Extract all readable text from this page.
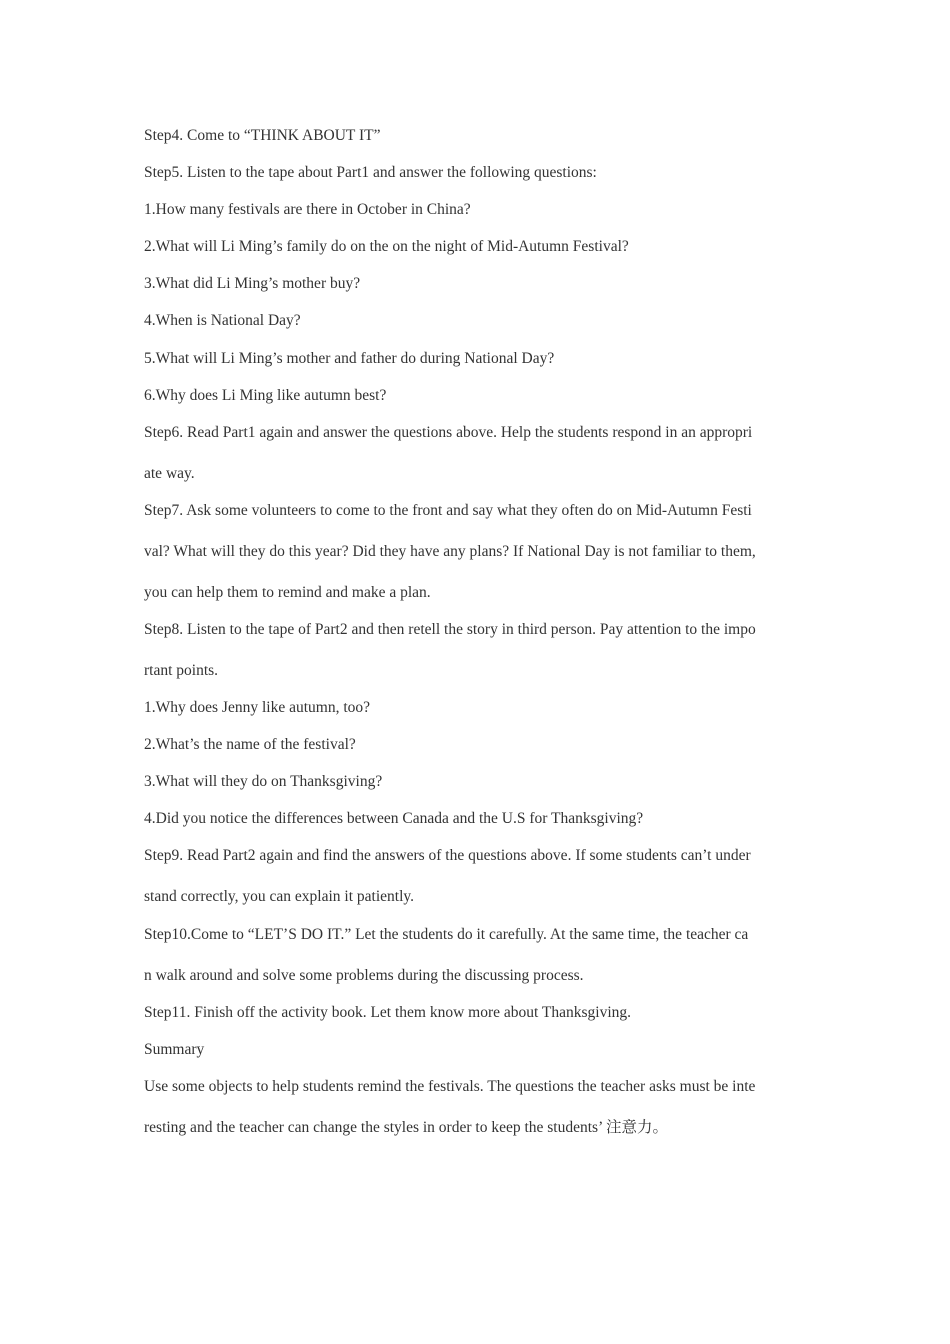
Step4. Come to “THINK ABOUT IT”
Step5. Listen to the tape about Part1 and answer the following questions:
1.How many festivals are there in October in China?
2.What will Li Ming’s family do on the on the night of Mid-Autumn Festival?
3.What did Li Ming’s mother buy?
4.When is National Day?
5.What will Li Ming’s mother and father do during National Day?
6.Why does Li Ming like autumn best?
Step6. Read Part1 again and answer the questions above. Help the students respond in an appropri
ate way.
Step7. Ask some volunteers to come to the front and say what they often do on Mid-Autumn Festi
val? What will they do this year? Did they have any plans? If National Day is not familiar to them,
you can help them to remind and make a plan.
Step8. Listen to the tape of Part2 and then retell the story in third person. Pay attention to the impo
rtant points.
1.Why does Jenny like autumn, too?
2.What’s the name of the festival?
3.What will they do on Thanksgiving?
4.Did you notice the differences between Canada and the U.S for Thanksgiving?
Step9. Read Part2 again and find the answers of the questions above. If some students can’t under
stand correctly, you can explain it patiently.
Step10.Come to “LET’S DO IT.” Let the students do it carefully. At the same time, the teacher ca
n walk around and solve some problems during the discussing process.
Step11. Finish off the activity book. Let them know more about Thanksgiving.
Summary
Use some objects to help students remind the festivals. The questions the teacher asks must be inte
resting and the teacher can change the styles in order to keep the students’ 注意力。
